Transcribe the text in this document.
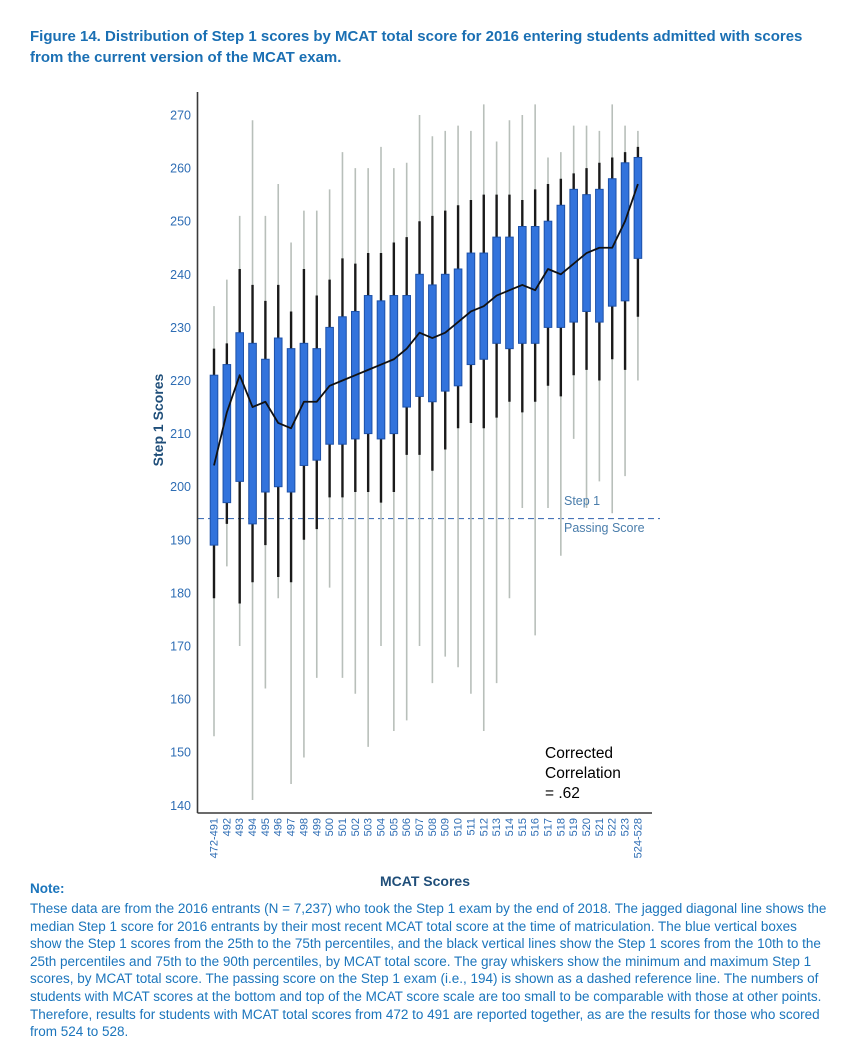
Figure 14. Distribution of Step 1 scores by MCAT total score for 2016 entering students admitted with scores from the current version of the MCAT exam.
140
150
160
170
180
190
200
210
220
230
240
250
260
270
472-491 492 493 494 495 496 497 498 499 500 501 502 503 504 505 506 507 508 509 510 511 512 513 514 515 516 517 518 519 520 521 522 523 524-528
Step 1 Scores
MCAT Scores
Step 1
Passing Score
Corrected
Correlation
= .62
Note:
These data are from the 2016 entrants (N = 7,237) who took the Step 1 exam by the end of 2018. The jagged diagonal line shows the median Step 1 score for 2016 entrants by their most recent MCAT total score at the time of matriculation. The blue vertical boxes show the Step 1 scores from the 25th to the 75th percentiles, and the black vertical lines show the Step 1 scores from the 10th to the 25th percentiles and 75th to the 90th percentiles, by MCAT total score. The gray whiskers show the minimum and maximum Step 1 scores, by MCAT total score. The passing score on the Step 1 exam (i.e., 194) is shown as a dashed reference line. The numbers of students with MCAT scores at the bottom and top of the MCAT score scale are too small to be comparable with those at other points. Therefore, results for students with MCAT total scores from 472 to 491 are reported together, as are the results for those who scored from 524 to 528.
